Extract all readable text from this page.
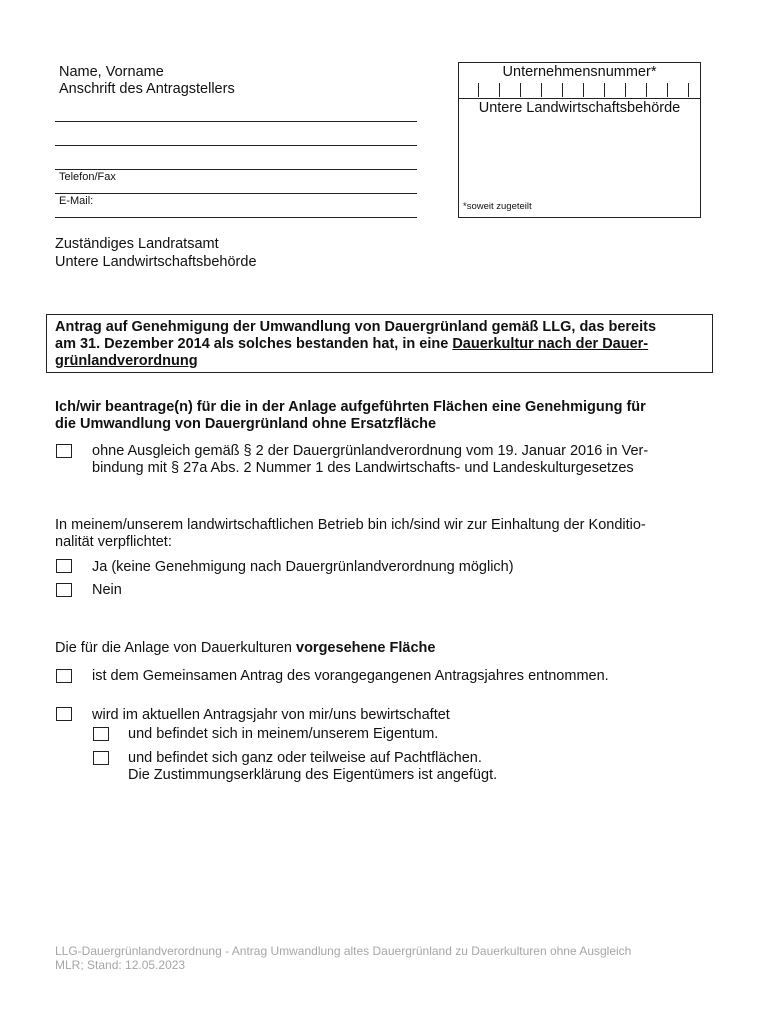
Name, Vorname
Anschrift des Antragstellers
Telefon/Fax
E-Mail:
Unternehmensnummer*
Untere Landwirtschaftsbehörde
*soweit zugeteilt
Zuständiges Landratsamt
Untere Landwirtschaftsbehörde
Antrag auf Genehmigung der Umwandlung von Dauergrünland gemäß LLG, das bereits
am 31. Dezember 2014 als solches bestanden hat, in eine Dauerkultur nach der Dauer-
grünlandverordnung
Ich/wir beantrage(n) für die in der Anlage aufgeführten Flächen eine Genehmigung für
die Umwandlung von Dauergrünland ohne Ersatzfläche
ohne Ausgleich gemäß § 2 der Dauergrünlandverordnung vom 19. Januar 2016 in Ver-
bindung mit § 27a Abs. 2 Nummer 1 des Landwirtschafts- und Landeskulturgesetzes
In meinem/unserem landwirtschaftlichen Betrieb bin ich/sind wir zur Einhaltung der Konditio-
nalität verpflichtet:
Ja (keine Genehmigung nach Dauergrünlandverordnung möglich)
Nein
Die für die Anlage von Dauerkulturen vorgesehene Fläche
ist dem Gemeinsamen Antrag des vorangegangenen Antragsjahres entnommen.
wird im aktuellen Antragsjahr von mir/uns bewirtschaftet
und befindet sich in meinem/unserem Eigentum.
und befindet sich ganz oder teilweise auf Pachtflächen.
Die Zustimmungserklärung des Eigentümers ist angefügt.
LLG-Dauergrünlandverordnung - Antrag Umwandlung altes Dauergrünland zu Dauerkulturen ohne Ausgleich
MLR; Stand: 12.05.2023
